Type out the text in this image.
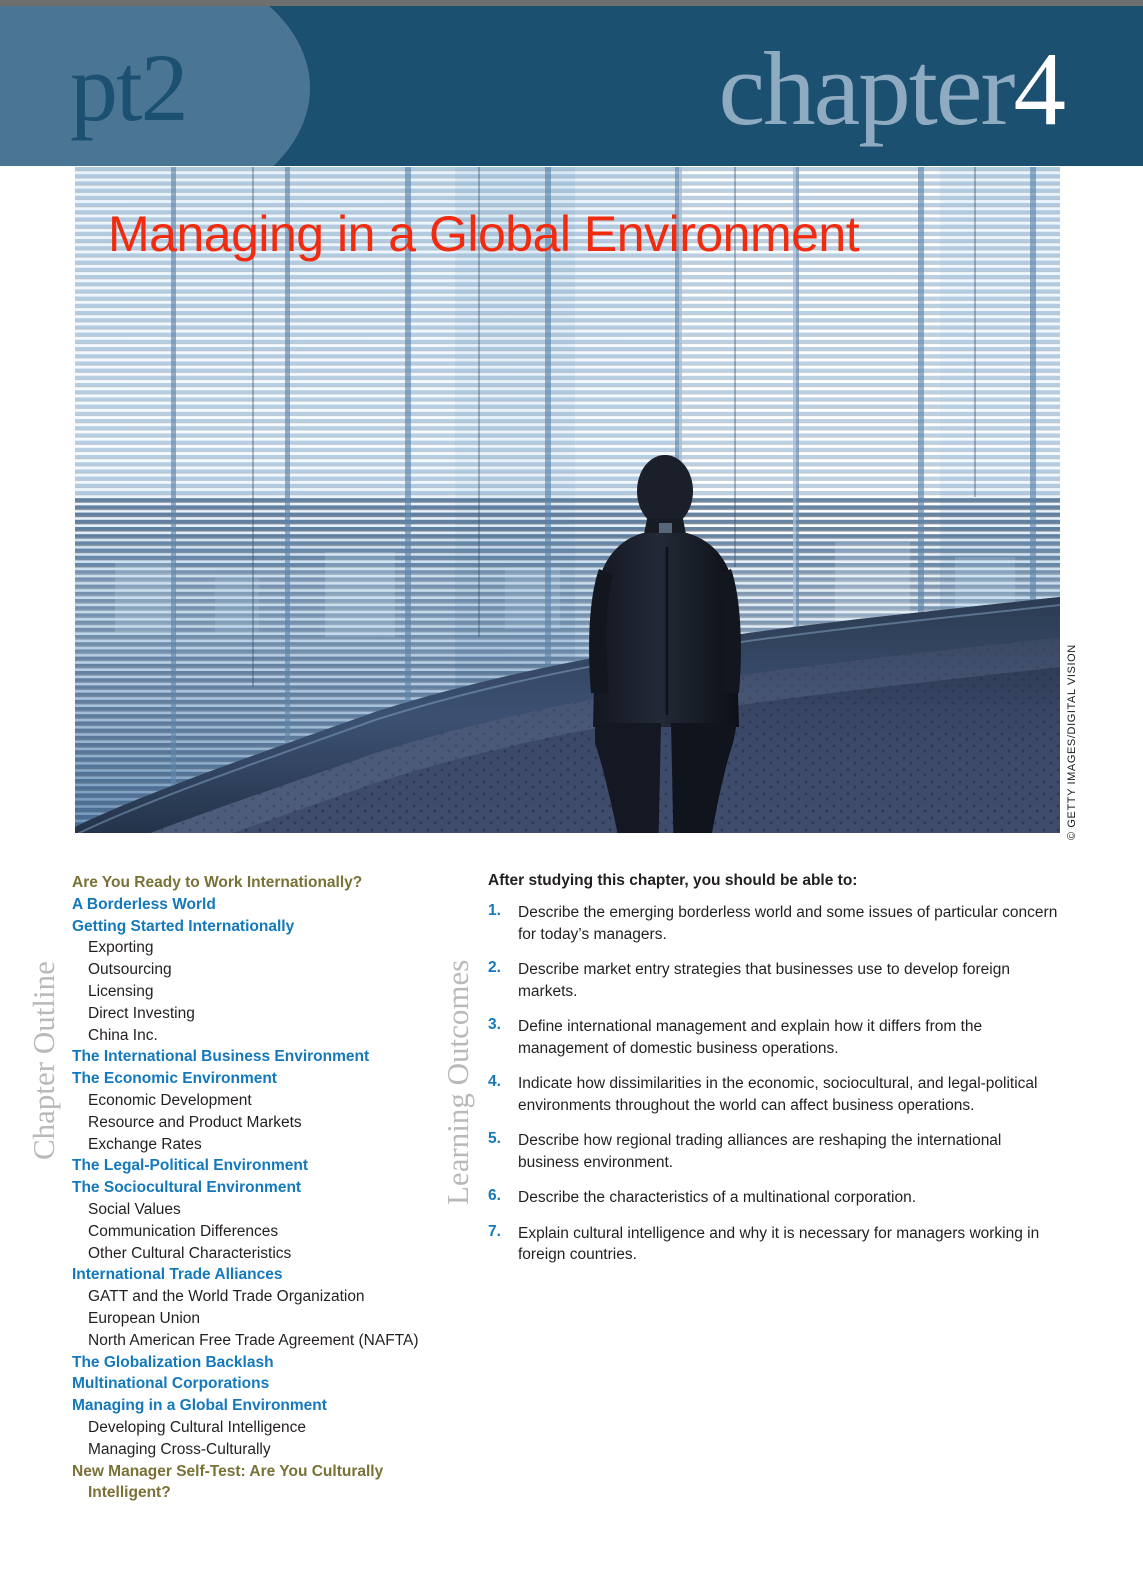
pt2	chapter4
Managing in a Global Environment
© GETTY IMAGES/DIGITAL VISION
Chapter Outline
Are You Ready to Work Internationally?
A Borderless World
Getting Started Internationally
Exporting
Outsourcing
Licensing
Direct Investing
China Inc.
The International Business Environment
The Economic Environment
Economic Development
Resource and Product Markets
Exchange Rates
The Legal-Political Environment
The Sociocultural Environment
Social Values
Communication Differences
Other Cultural Characteristics
International Trade Alliances
GATT and the World Trade Organization
European Union
North American Free Trade Agreement (NAFTA)
The Globalization Backlash
Multinational Corporations
Managing in a Global Environment
Developing Cultural Intelligence
Managing Cross-Culturally
New Manager Self-Test: Are You Culturally
Intelligent?
Learning Outcomes
After studying this chapter, you should be able to:
1.	Describe the emerging borderless world and some issues of particular concern for today’s managers.
2.	Describe market entry strategies that businesses use to develop foreign markets.
3.	Define international management and explain how it differs from the management of domestic business operations.
4.	Indicate how dissimilarities in the economic, sociocultural, and legal-political environments throughout the world can affect business operations.
5.	Describe how regional trading alliances are reshaping the international business environment.
6.	Describe the characteristics of a multinational corporation.
7.	Explain cultural intelligence and why it is necessary for managers working in foreign countries.
